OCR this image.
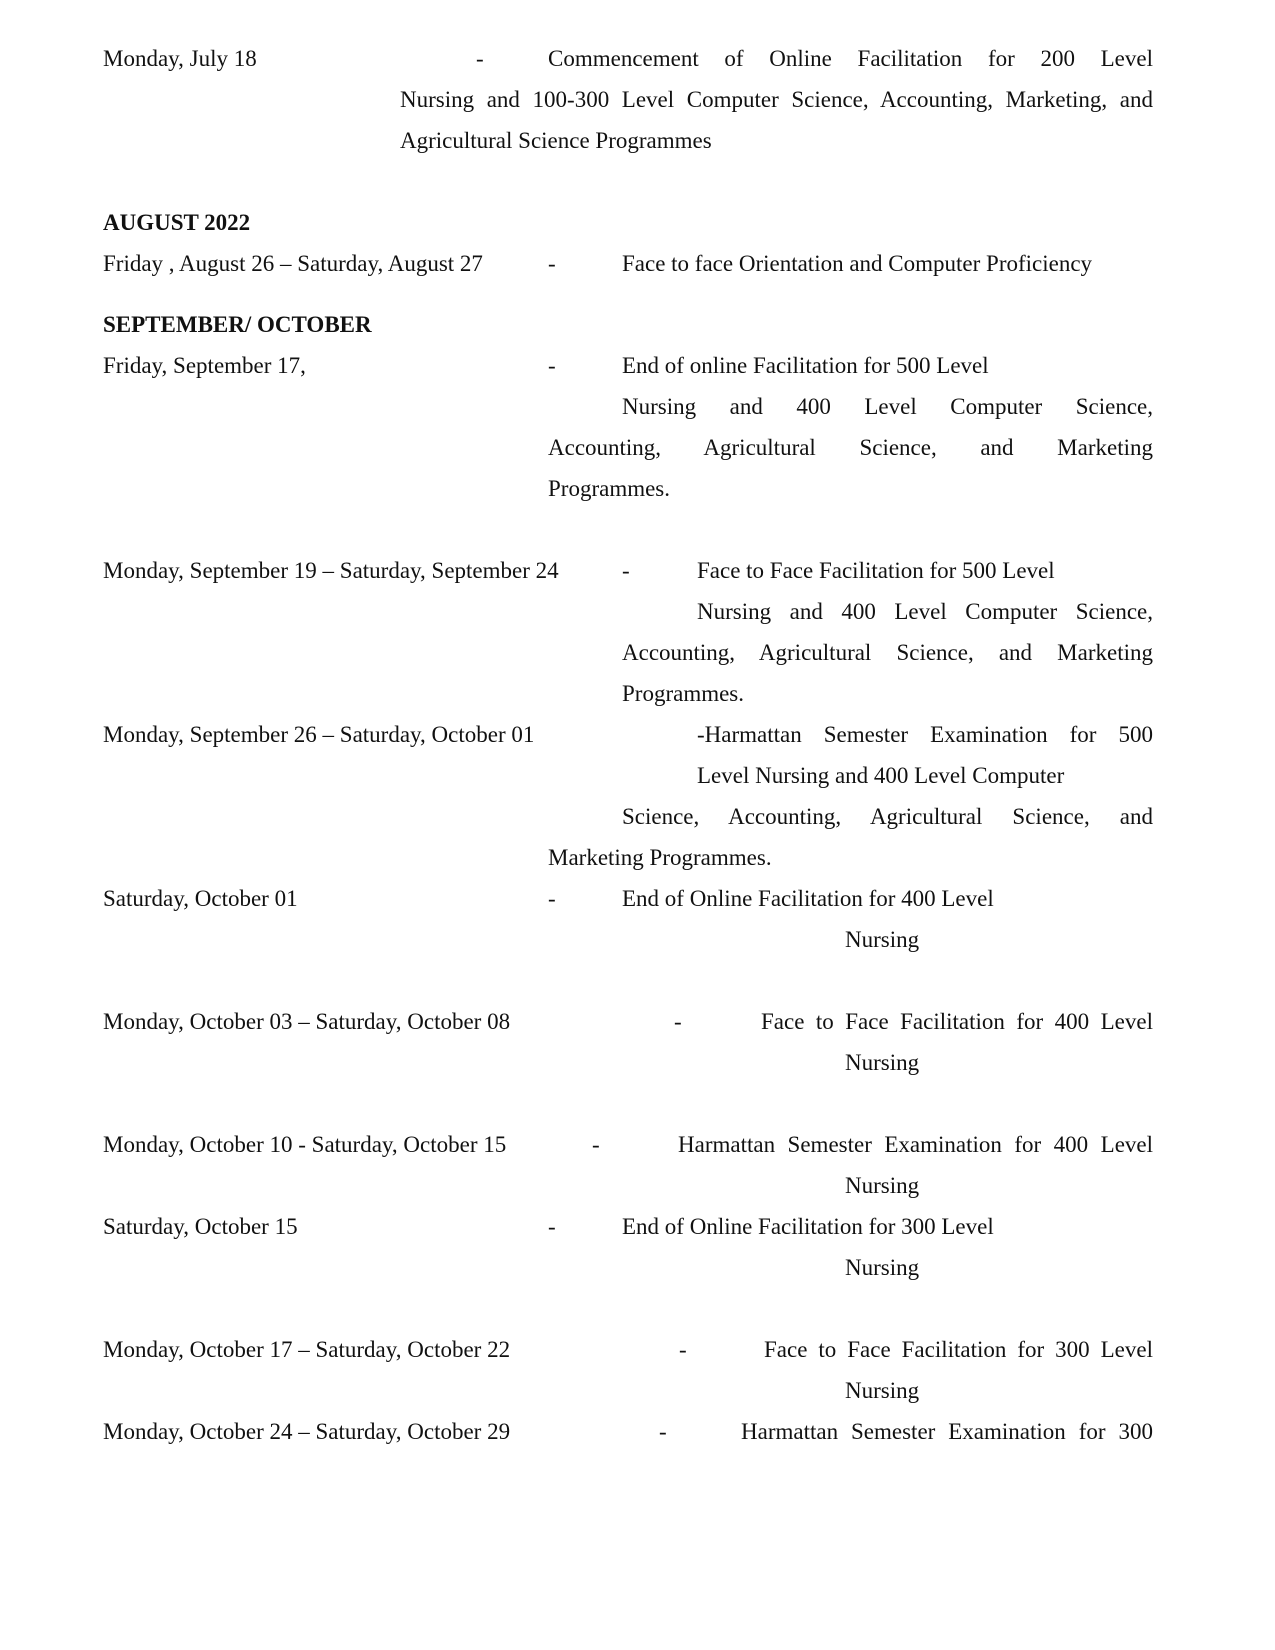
Monday, July 18	-	Commencement of Online Facilitation for 200 Level
Nursing and 100-300 Level Computer Science, Accounting, Marketing, and
Agricultural Science Programmes
AUGUST 2022
Friday , August 26 – Saturday, August 27	-	Face to face Orientation and Computer Proficiency
SEPTEMBER/ OCTOBER
Friday, September 17,	-	End of online Facilitation for 500 Level
Nursing and 400 Level Computer Science,
Accounting, Agricultural Science, and Marketing
Programmes.
Monday, September 19 – Saturday, September 24	-	Face to Face Facilitation for 500 Level
Nursing and 400 Level Computer Science,
Accounting, Agricultural Science, and Marketing
Programmes.
Monday, September 26 – Saturday, October 01	-Harmattan Semester Examination for 500
Level Nursing and 400 Level Computer
Science, Accounting, Agricultural Science, and
Marketing Programmes.
Saturday, October 01	-	End of Online Facilitation for 400 Level
Nursing
Monday, October 03 – Saturday, October 08	-	Face to Face Facilitation for 400 Level
Nursing
Monday, October 10 - Saturday, October 15	-	Harmattan Semester Examination for 400 Level
Nursing
Saturday, October 15	-	End of Online Facilitation for 300 Level
Nursing
Monday, October 17 – Saturday, October 22	-	Face to Face Facilitation for 300 Level
Nursing
Monday, October 24 – Saturday, October 29	-	Harmattan Semester Examination for 300
